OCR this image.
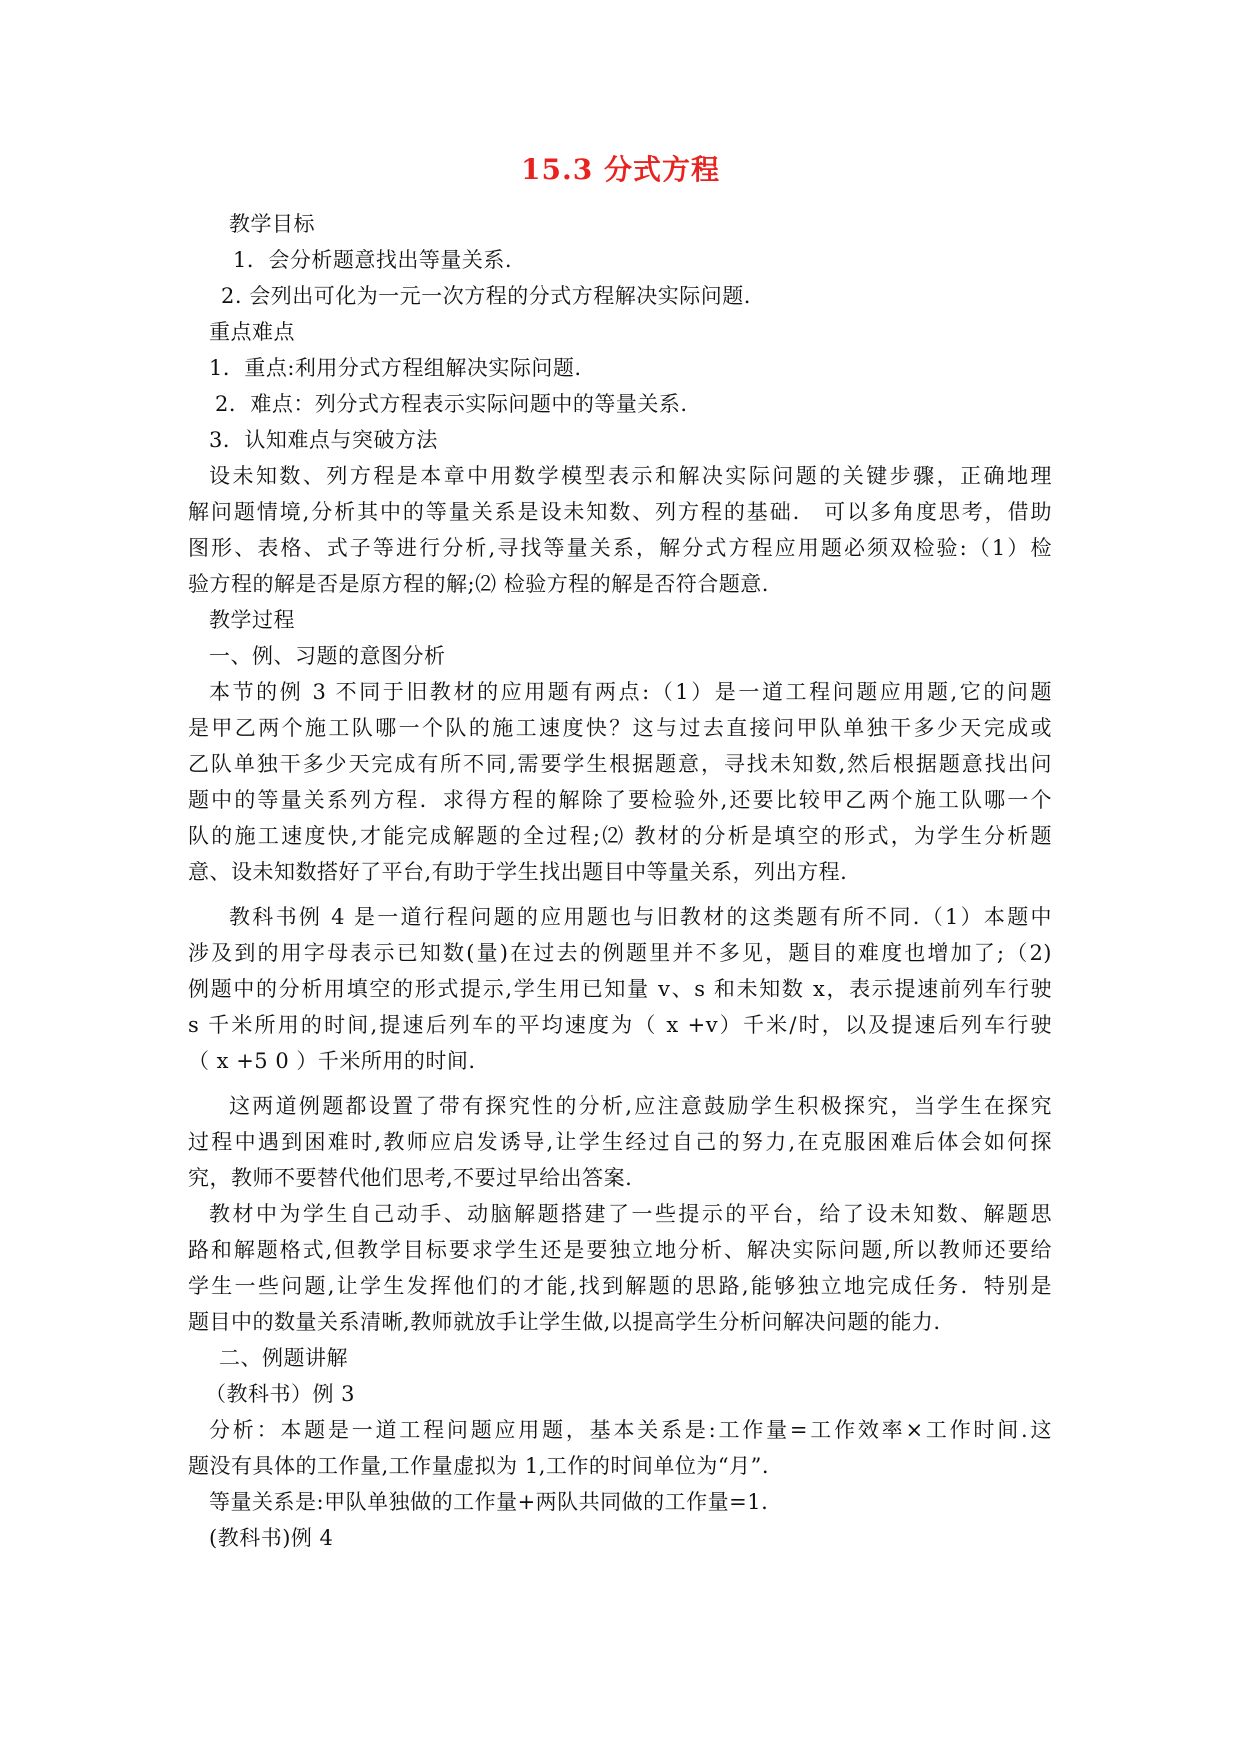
15.3 分式方程
教学目标
1．会分析题意找出等量关系.
2. 会列出可化为一元一次方程的分式方程解决实际问题.
重点难点
1．重点:利用分式方程组解决实际问题.
2．难点：列分式方程表示实际问题中的等量关系.
3．认知难点与突破方法
设未知数、列方程是本章中用数学模型表示和解决实际问题的关键步骤，正确地理
解问题情境,分析其中的等量关系是设未知数、列方程的基础.　可以多角度思考，借助
图形、表格、式子等进行分析,寻找等量关系，解分式方程应用题必须双检验:（1）检
验方程的解是否是原方程的解;⑵ 检验方程的解是否符合题意.
教学过程
一、例、习题的意图分析
本节的例 3 不同于旧教材的应用题有两点:（1）是一道工程问题应用题,它的问题
是甲乙两个施工队哪一个队的施工速度快？这与过去直接问甲队单独干多少天完成或
乙队单独干多少天完成有所不同,需要学生根据题意，寻找未知数,然后根据题意找出问
题中的等量关系列方程．求得方程的解除了要检验外,还要比较甲乙两个施工队哪一个
队的施工速度快,才能完成解题的全过程;⑵ 教材的分析是填空的形式，为学生分析题
意、设未知数搭好了平台,有助于学生找出题目中等量关系，列出方程.
教科书例 4 是一道行程问题的应用题也与旧教材的这类题有所不同.（1）本题中
涉及到的用字母表示已知数(量)在过去的例题里并不多见，题目的难度也增加了;（2)
例题中的分析用填空的形式提示,学生用已知量 v、s 和未知数 x，表示提速前列车行驶
s 千米所用的时间,提速后列车的平均速度为（ x +v）千米/时，以及提速后列车行驶
（ x +5 0 ）千米所用的时间.
这两道例题都设置了带有探究性的分析,应注意鼓励学生积极探究，当学生在探究
过程中遇到困难时,教师应启发诱导,让学生经过自己的努力,在克服困难后体会如何探
究，教师不要替代他们思考,不要过早给出答案.
教材中为学生自己动手、动脑解题搭建了一些提示的平台，给了设未知数、解题思
路和解题格式,但教学目标要求学生还是要独立地分析、解决实际问题,所以教师还要给
学生一些问题,让学生发挥他们的才能,找到解题的思路,能够独立地完成任务．特别是
题目中的数量关系清晰,教师就放手让学生做,以提高学生分析问解决问题的能力.
二、例题讲解
（教科书）例 3
分析：本题是一道工程问题应用题，基本关系是:工作量=工作效率×工作时间.这
题没有具体的工作量,工作量虚拟为 1,工作的时间单位为“月”.
等量关系是:甲队单独做的工作量+两队共同做的工作量=1.
(教科书)例 4
